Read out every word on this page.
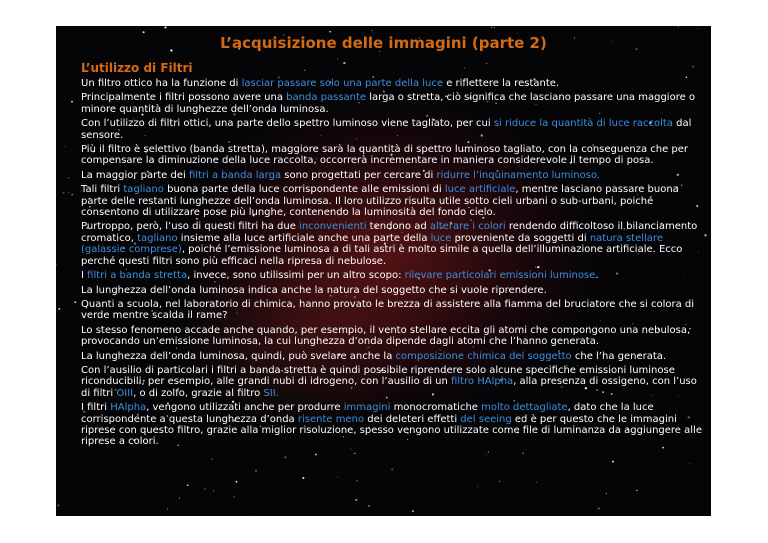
L’acquisizione delle immagini (parte 2)
L’utilizzo di Filtri

Un filtro ottico ha la funzione di lasciar passare solo una parte della luce e riflettere la restante.

Principalmente i filtri possono avere una banda passante larga o stretta, ciò significa che lasciano passare una maggiore o minore quantità di lunghezze dell’onda luminosa.

Con l’utilizzo di filtri ottici, una parte dello spettro luminoso viene tagliato, per cui si riduce la quantità di luce raccolta dal sensore.

Più il filtro è selettivo (banda stretta), maggiore sarà la quantità di spettro luminoso tagliato, con la conseguenza che per compensare la diminuzione della luce raccolta, occorrerà incrementare in maniera considerevole il tempo di posa.

La maggior parte dei filtri a banda larga sono progettati per cercare di ridurre l’inquinamento luminoso.

Tali filtri tagliano buona parte della luce corrispondente alle emissioni di luce artificiale, mentre lasciano passare buona parte delle restanti lunghezze dell’onda luminosa. Il loro utilizzo risulta utile sotto cieli urbani o sub-urbani, poiché consentono di utilizzare pose più lunghe, contenendo la luminosità del fondo cielo.

Purtroppo, però, l’uso di questi filtri ha due inconvenienti tendono ad alterare i colori rendendo difficoltoso il bilanciamento cromatico, tagliano insieme alla luce artificiale anche una parte della luce proveniente da soggetti di natura stellare (galassie comprese), poiché l’emissione luminosa a di tali astri è molto simile a quella dell’illuminazione artificiale. Ecco perché questi filtri sono più efficaci nella ripresa di nebulose.

I filtri a banda stretta, invece, sono utilissimi per un altro scopo: rilevare particolari emissioni luminose.

La lunghezza dell’onda luminosa indica anche la natura del soggetto che si vuole riprendere.

Quanti a scuola, nel laboratorio di chimica, hanno provato le brezza di assistere alla fiamma del bruciatore che si colora di verde mentre scalda il rame?

Lo stesso fenomeno accade anche quando, per esempio, il vento stellare eccita gli atomi che compongono una nebulosa, provocando un’emissione luminosa, la cui lunghezza d’onda dipende dagli atomi che l’hanno generata.

La lunghezza dell’onda luminosa, quindi, può svelare anche la composizione chimica del soggetto che l’ha generata.

Con l’ausilio di particolari i filtri a banda stretta è quindi possibile riprendere solo alcune specifiche emissioni luminose riconducibili, per esempio, alle grandi nubi di idrogeno, con l’ausilio di un filtro HAlpha, alla presenza di ossigeno, con l’uso di filtri OIII, o di zolfo, grazie al filtro SII.

I filtri HAlpha, vengono utilizzati anche per produrre immagini monocromatiche molto dettagliate, dato che la luce corrispondente a questa lunghezza d’onda risente meno dei deleteri effetti del seeing ed è per questo che le immagini riprese con questo filtro, grazie alla miglior risoluzione, spesso vengono utilizzate come file di luminanza da aggiungere alle riprese a colori.
